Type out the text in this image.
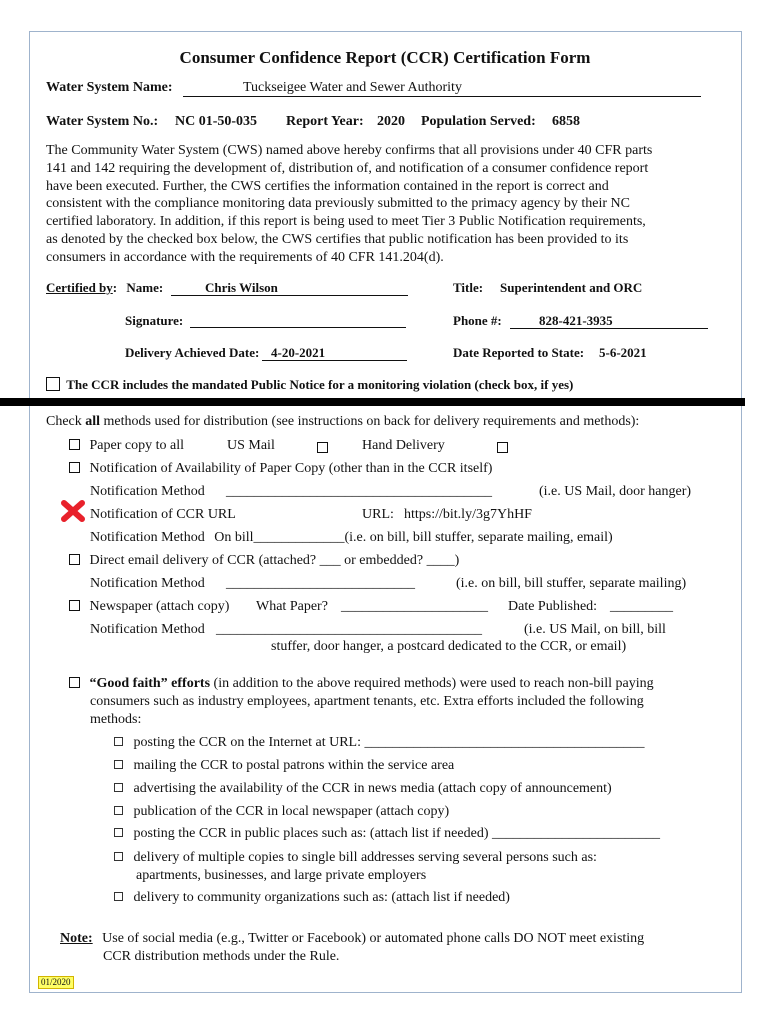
Consumer Confidence Report (CCR) Certification Form
Water System Name:	Tuckseigee Water and Sewer Authority
Water System No.: NC 01-50-035 Report Year: 2020 Population Served: 6858
The Community Water System (CWS) named above hereby confirms that all provisions under 40 CFR parts
141 and 142 requiring the development of, distribution of, and notification of a consumer confidence report
have been executed. Further, the CWS certifies the information contained in the report is correct and
consistent with the compliance monitoring data previously submitted to the primacy agency by their NC
certified laboratory. In addition, if this report is being used to meet Tier 3 Public Notification requirements,
as denoted by the checked box below, the CWS certifies that public notification has been provided to its
consumers in accordance with the requirements of 40 CFR 141.204(d).
Certified by: Name:	Chris Wilson	Title: Superintendent and ORC
Signature:	Phone #:	828-421-3935
Delivery Achieved Date: 4-20-2021	Date Reported to State: 5-6-2021
The CCR includes the mandated Public Notice for a monitoring violation (check box, if yes)
Check all methods used for distribution (see instructions on back for delivery requirements and methods):
Paper copy to all	US Mail	Hand Delivery
Notification of Availability of Paper Copy (other than in the CCR itself)
Notification Method ______________________________________	(i.e. US Mail, door hanger)
Notification of CCR URL	URL: https://bit.ly/3g7YhHF
Notification Method On bill_____________(i.e. on bill, bill stuffer, separate mailing, email)
Direct email delivery of CCR (attached? ___ or embedded? ____)
Notification Method ___________________________	(i.e. on bill, bill stuffer, separate mailing)
Newspaper (attach copy) What Paper? _____________________ Date Published: _________
Notification Method ______________________________________	(i.e. US Mail, on bill, bill
stuffer, door hanger, a postcard dedicated to the CCR, or email)
“Good faith” efforts (in addition to the above required methods) were used to reach non-bill paying
consumers such as industry employees, apartment tenants, etc. Extra efforts included the following
methods:
posting the CCR on the Internet at URL: ________________________________________
mailing the CCR to postal patrons within the service area
advertising the availability of the CCR in news media (attach copy of announcement)
publication of the CCR in local newspaper (attach copy)
posting the CCR in public places such as: (attach list if needed) ________________________
delivery of multiple copies to single bill addresses serving several persons such as:
apartments, businesses, and large private employers
delivery to community organizations such as: (attach list if needed)
Note: Use of social media (e.g., Twitter or Facebook) or automated phone calls DO NOT meet existing
CCR distribution methods under the Rule.
01/2020
